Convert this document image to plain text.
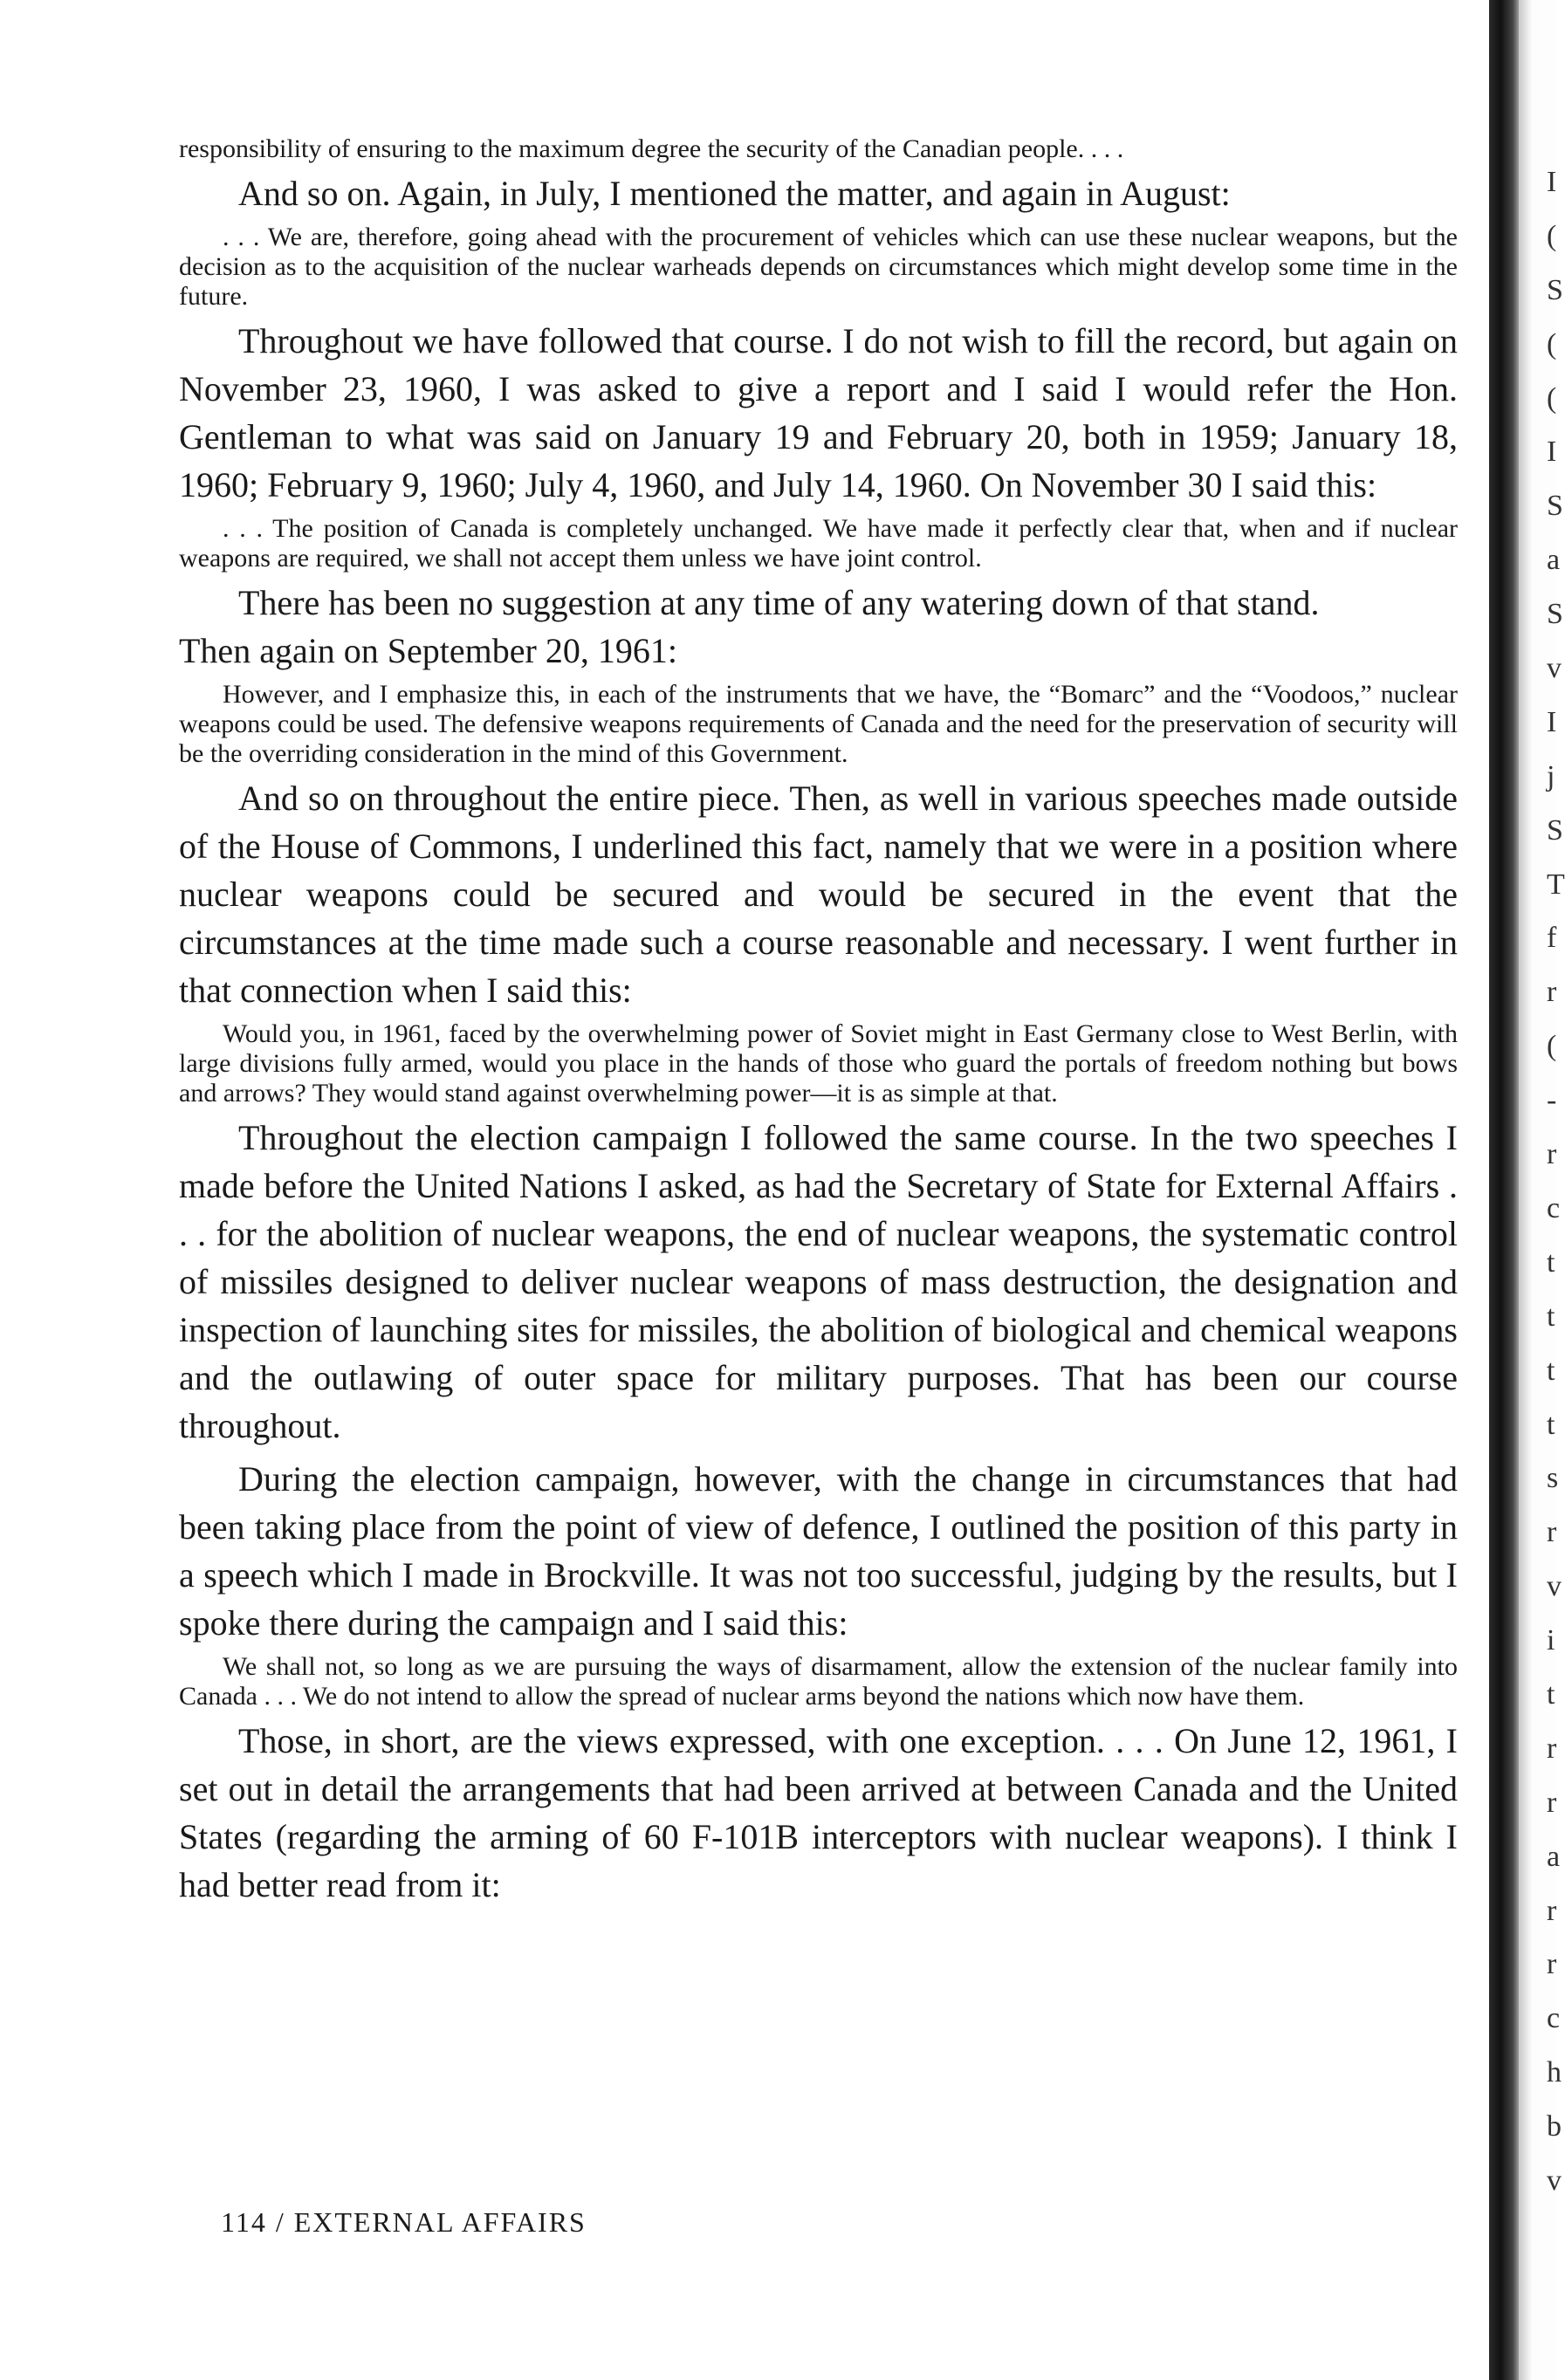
responsibility of ensuring to the maximum degree the security of the Canadian people. . . .

And so on. Again, in July, I mentioned the matter, and again in August:

. . . We are, therefore, going ahead with the procurement of vehicles which can use these nuclear weapons, but the decision as to the acquisition of the nuclear warheads depends on circumstances which might develop some time in the future.

Throughout we have followed that course. I do not wish to fill the record, but again on November 23, 1960, I was asked to give a report and I said I would refer the Hon. Gentleman to what was said on January 19 and February 20, both in 1959; January 18, 1960; February 9, 1960; July 4, 1960, and July 14, 1960. On November 30 I said this:

. . . The position of Canada is completely unchanged. We have made it perfectly clear that, when and if nuclear weapons are required, we shall not accept them unless we have joint control.

There has been no suggestion at any time of any watering down of that stand.

Then again on September 20, 1961:

However, and I emphasize this, in each of the instruments that we have, the “Bomarc” and the “Voodoos,” nuclear weapons could be used. The defensive weapons requirements of Canada and the need for the preservation of security will be the overriding consideration in the mind of this Government.

And so on throughout the entire piece. Then, as well in various speeches made outside of the House of Commons, I underlined this fact, namely that we were in a position where nuclear weapons could be secured and would be secured in the event that the circumstances at the time made such a course reasonable and necessary. I went further in that connection when I said this:

Would you, in 1961, faced by the overwhelming power of Soviet might in East Germany close to West Berlin, with large divisions fully armed, would you place in the hands of those who guard the portals of freedom nothing but bows and arrows? They would stand against overwhelming power—it is as simple at that.

Throughout the election campaign I followed the same course. In the two speeches I made before the United Nations I asked, as had the Secretary of State for External Affairs . . . for the abolition of nuclear weapons, the end of nuclear weapons, the systematic control of missiles designed to deliver nuclear weapons of mass destruction, the designation and inspection of launching sites for missiles, the abolition of biological and chemical weapons and the outlawing of outer space for military purposes. That has been our course throughout.

During the election campaign, however, with the change in circumstances that had been taking place from the point of view of defence, I outlined the position of this party in a speech which I made in Brockville. It was not too successful, judging by the results, but I spoke there during the campaign and I said this:

We shall not, so long as we are pursuing the ways of disarmament, allow the extension of the nuclear family into Canada . . . We do not intend to allow the spread of nuclear arms beyond the nations which now have them.

Those, in short, are the views expressed, with one exception. . . . On June 12, 1961, I set out in detail the arrangements that had been arrived at between Canada and the United States (regarding the arming of 60 F-101B interceptors with nuclear weapons). I think I had better read from it:

114 / EXTERNAL AFFAIRS
I
(
S
(
(
I
S
a
S
v
I
j
S
T
f
r
(
-
r
c
t
t
t
t
s
r
v
i
t
r
r
a
r
r
c
h
b
v
